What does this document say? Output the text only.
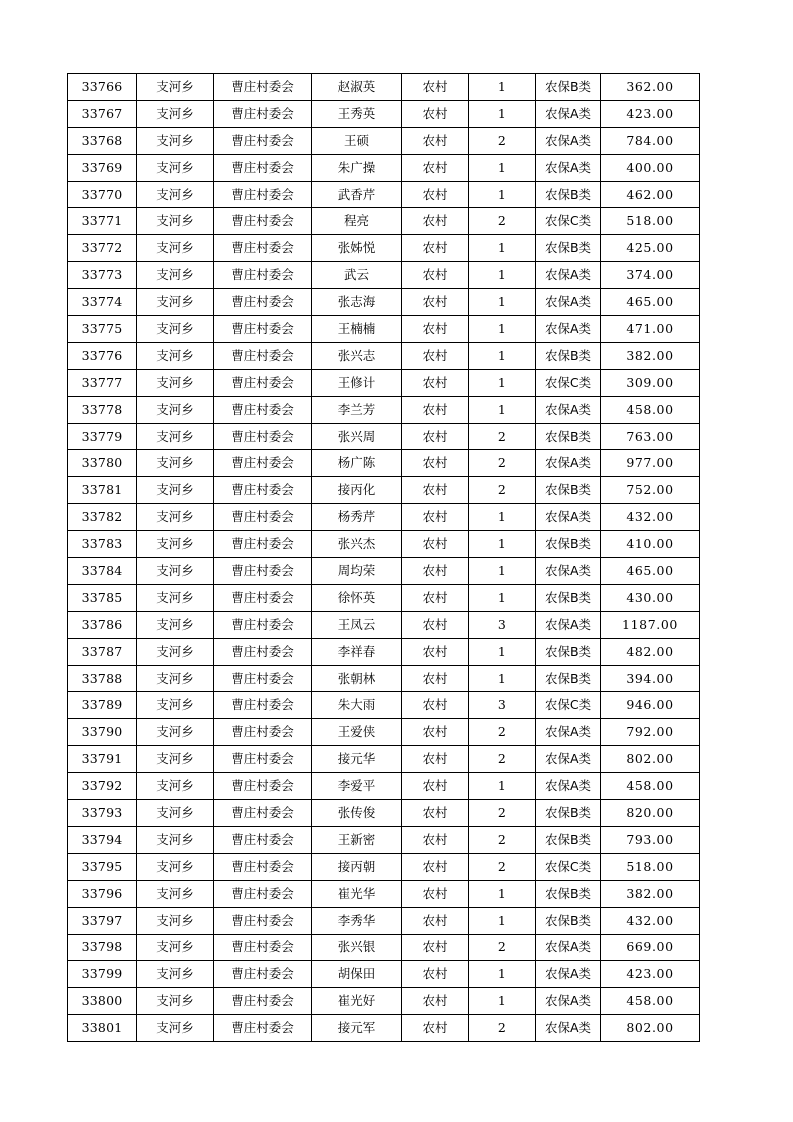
33766	支河乡	曹庄村委会	赵淑英	农村	1	农保B类	362.00
33767	支河乡	曹庄村委会	王秀英	农村	1	农保A类	423.00
33768	支河乡	曹庄村委会	王硕	农村	2	农保A类	784.00
33769	支河乡	曹庄村委会	朱广操	农村	1	农保A类	400.00
33770	支河乡	曹庄村委会	武香芹	农村	1	农保B类	462.00
33771	支河乡	曹庄村委会	程亮	农村	2	农保C类	518.00
33772	支河乡	曹庄村委会	张姊悦	农村	1	农保B类	425.00
33773	支河乡	曹庄村委会	武云	农村	1	农保A类	374.00
33774	支河乡	曹庄村委会	张志海	农村	1	农保A类	465.00
33775	支河乡	曹庄村委会	王楠楠	农村	1	农保A类	471.00
33776	支河乡	曹庄村委会	张兴志	农村	1	农保B类	382.00
33777	支河乡	曹庄村委会	王修计	农村	1	农保C类	309.00
33778	支河乡	曹庄村委会	李兰芳	农村	1	农保A类	458.00
33779	支河乡	曹庄村委会	张兴周	农村	2	农保B类	763.00
33780	支河乡	曹庄村委会	杨广陈	农村	2	农保A类	977.00
33781	支河乡	曹庄村委会	接丙化	农村	2	农保B类	752.00
33782	支河乡	曹庄村委会	杨秀芹	农村	1	农保A类	432.00
33783	支河乡	曹庄村委会	张兴杰	农村	1	农保B类	410.00
33784	支河乡	曹庄村委会	周均荣	农村	1	农保A类	465.00
33785	支河乡	曹庄村委会	徐怀英	农村	1	农保B类	430.00
33786	支河乡	曹庄村委会	王凤云	农村	3	农保A类	1187.00
33787	支河乡	曹庄村委会	李祥春	农村	1	农保B类	482.00
33788	支河乡	曹庄村委会	张朝林	农村	1	农保B类	394.00
33789	支河乡	曹庄村委会	朱大雨	农村	3	农保C类	946.00
33790	支河乡	曹庄村委会	王爱侠	农村	2	农保A类	792.00
33791	支河乡	曹庄村委会	接元华	农村	2	农保A类	802.00
33792	支河乡	曹庄村委会	李爱平	农村	1	农保A类	458.00
33793	支河乡	曹庄村委会	张传俊	农村	2	农保B类	820.00
33794	支河乡	曹庄村委会	王新密	农村	2	农保B类	793.00
33795	支河乡	曹庄村委会	接丙朝	农村	2	农保C类	518.00
33796	支河乡	曹庄村委会	崔光华	农村	1	农保B类	382.00
33797	支河乡	曹庄村委会	李秀华	农村	1	农保B类	432.00
33798	支河乡	曹庄村委会	张兴银	农村	2	农保A类	669.00
33799	支河乡	曹庄村委会	胡保田	农村	1	农保A类	423.00
33800	支河乡	曹庄村委会	崔光好	农村	1	农保A类	458.00
33801	支河乡	曹庄村委会	接元军	农村	2	农保A类	802.00
